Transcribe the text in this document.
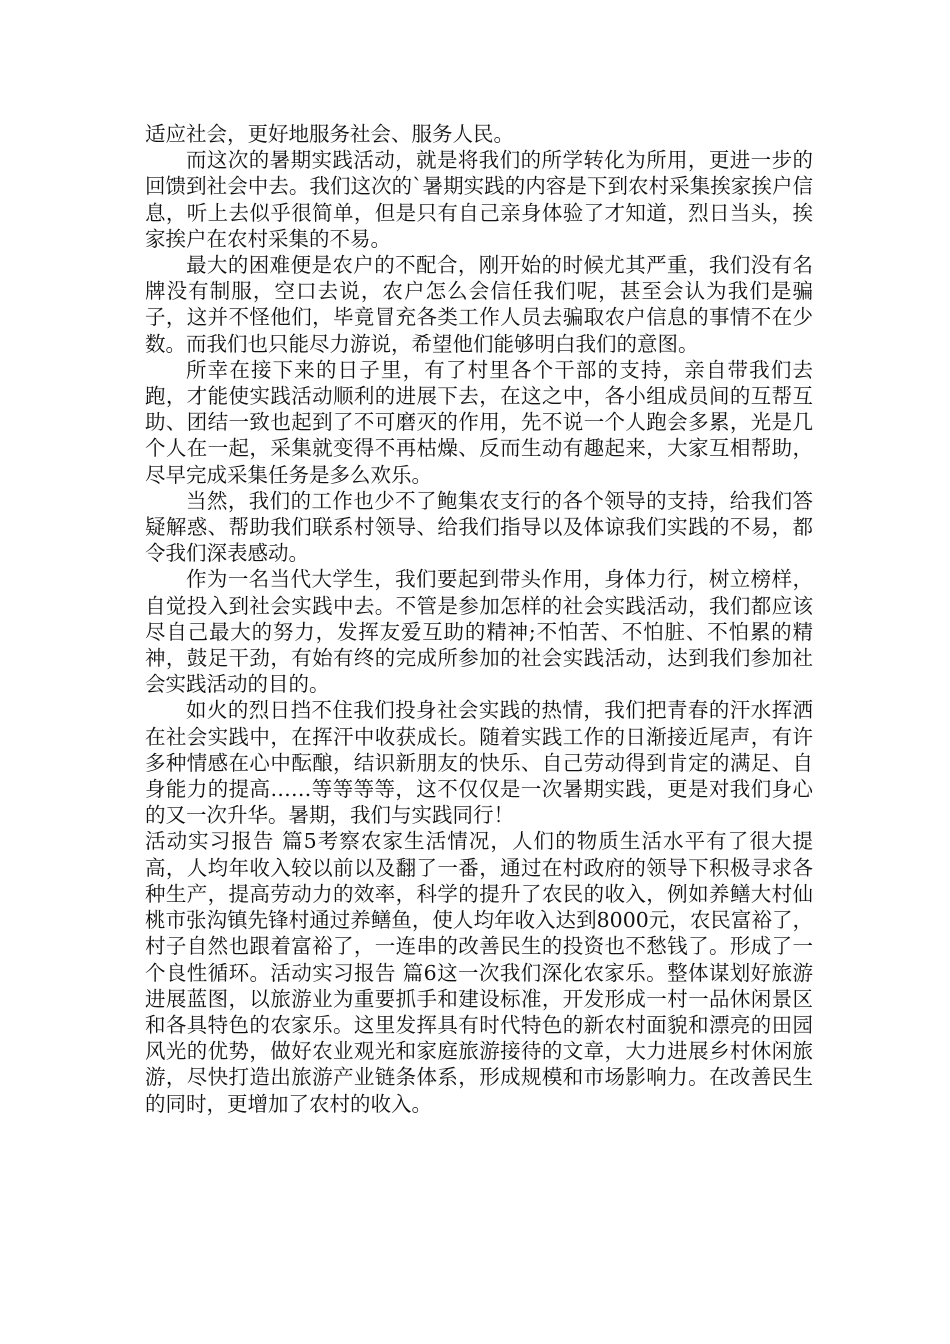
适应社会，更好地服务社会、服务人民。

而这次的暑期实践活动，就是将我们的所学转化为所用，更进一步的回馈到社会中去。我们这次的`暑期实践的内容是下到农村采集挨家挨户信息，听上去似乎很简单，但是只有自己亲身体验了才知道，烈日当头，挨家挨户在农村采集的不易。

最大的困难便是农户的不配合，刚开始的时候尤其严重，我们没有名牌没有制服，空口去说，农户怎么会信任我们呢，甚至会认为我们是骗子，这并不怪他们，毕竟冒充各类工作人员去骗取农户信息的事情不在少数。而我们也只能尽力游说，希望他们能够明白我们的意图。

所幸在接下来的日子里，有了村里各个干部的支持，亲自带我们去跑，才能使实践活动顺利的进展下去，在这之中，各小组成员间的互帮互助、团结一致也起到了不可磨灭的作用，先不说一个人跑会多累，光是几个人在一起，采集就变得不再枯燥、反而生动有趣起来，大家互相帮助，尽早完成采集任务是多么欢乐。

当然，我们的工作也少不了鲍集农支行的各个领导的支持，给我们答疑解惑、帮助我们联系村领导、给我们指导以及体谅我们实践的不易，都令我们深表感动。

作为一名当代大学生，我们要起到带头作用，身体力行，树立榜样，自觉投入到社会实践中去。不管是参加怎样的社会实践活动，我们都应该尽自己最大的努力，发挥友爱互助的精神;不怕苦、不怕脏、不怕累的精神，鼓足干劲，有始有终的完成所参加的社会实践活动，达到我们参加社会实践活动的目的。

如火的烈日挡不住我们投身社会实践的热情，我们把青春的汗水挥洒在社会实践中，在挥汗中收获成长。随着实践工作的日渐接近尾声，有许多种情感在心中酝酿，结识新朋友的快乐、自己劳动得到肯定的满足、自身能力的提高……等等等等，这不仅仅是一次暑期实践，更是对我们身心的又一次升华。暑期，我们与实践同行！

活动实习报告 篇5考察农家生活情况，人们的物质生活水平有了很大提高，人均年收入较以前以及翻了一番，通过在村政府的领导下积极寻求各种生产，提高劳动力的效率，科学的提升了农民的收入，例如养鳝大村仙桃市张沟镇先锋村通过养鳝鱼，使人均年收入达到8000元，农民富裕了，村子自然也跟着富裕了，一连串的改善民生的投资也不愁钱了。形成了一个良性循环。活动实习报告 篇6这一次我们深化农家乐。整体谋划好旅游进展蓝图，以旅游业为重要抓手和建设标准，开发形成一村一品休闲景区和各具特色的农家乐。这里发挥具有时代特色的新农村面貌和漂亮的田园风光的优势，做好农业观光和家庭旅游接待的文章，大力进展乡村休闲旅游，尽快打造出旅游产业链条体系，形成规模和市场影响力。在改善民生的同时，更增加了农村的收入。
